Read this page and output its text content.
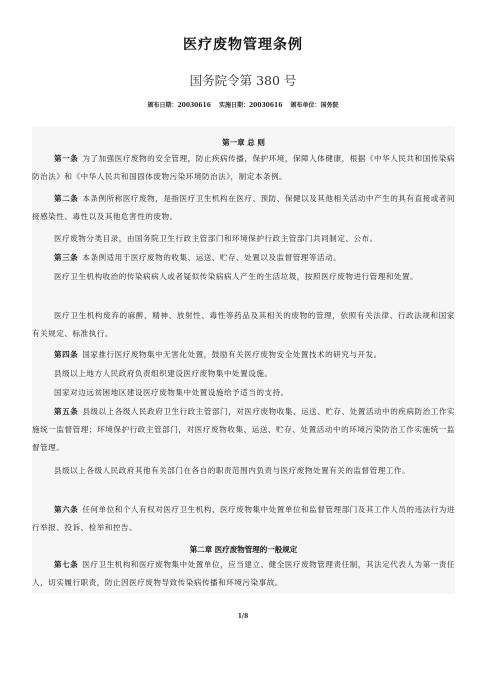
医疗废物管理条例
国务院令第 380 号
颁布日期：20030616 实施日期：20030616 颁布单位：国务院
第一章 总 则
第一条 为了加强医疗废物的安全管理，防止疾病传播，保护环境，保障人体健康，根据《中华人民共和国传染病防治法》和《中华人民共和国固体废物污染环境防治法》，制定本条例。
第二条 本条例所称医疗废物，是指医疗卫生机构在医疗、预防、保健以及其他相关活动中产生的具有直接或者间接感染性、毒性以及其他危害性的废物。
医疗废物分类目录，由国务院卫生行政主管部门和环境保护行政主管部门共同制定、公布。
第三条 本条例适用于医疗废物的收集、运送、贮存、处置以及监督管理等活动。
医疗卫生机构收治的传染病病人或者疑似传染病病人产生的生活垃圾，按照医疗废物进行管理和处置。
医疗卫生机构废弃的麻醉、精神、放射性、毒性等药品及其相关的废物的管理，依照有关法律、行政法规和国家有关规定、标准执行。
第四条 国家推行医疗废物集中无害化处置，鼓励有关医疗废物安全处置技术的研究与开发。
县级以上地方人民政府负责组织建设医疗废物集中处置设施。
国家对边远贫困地区建设医疗废物集中处置设施给予适当的支持。
第五条 县级以上各级人民政府卫生行政主管部门，对医疗废物收集、运送、贮存、处置活动中的疾病防治工作实施统一监督管理；环境保护行政主管部门，对医疗废物收集、运送、贮存、处置活动中的环境污染防治工作实施统一监督管理。
县级以上各级人民政府其他有关部门在各自的职责范围内负责与医疗废物处置有关的监督管理工作。
第六条 任何单位和个人有权对医疗卫生机构、医疗废物集中处置单位和监督管理部门及其工作人员的违法行为进行举报、投诉、检举和控告。
第二章 医疗废物管理的一般规定
第七条 医疗卫生机构和医疗废物集中处置单位，应当建立、健全医疗废物管理责任制，其法定代表人为第一责任人，切实履行职责，防止因医疗废物导致传染病传播和环境污染事故。
1/8
